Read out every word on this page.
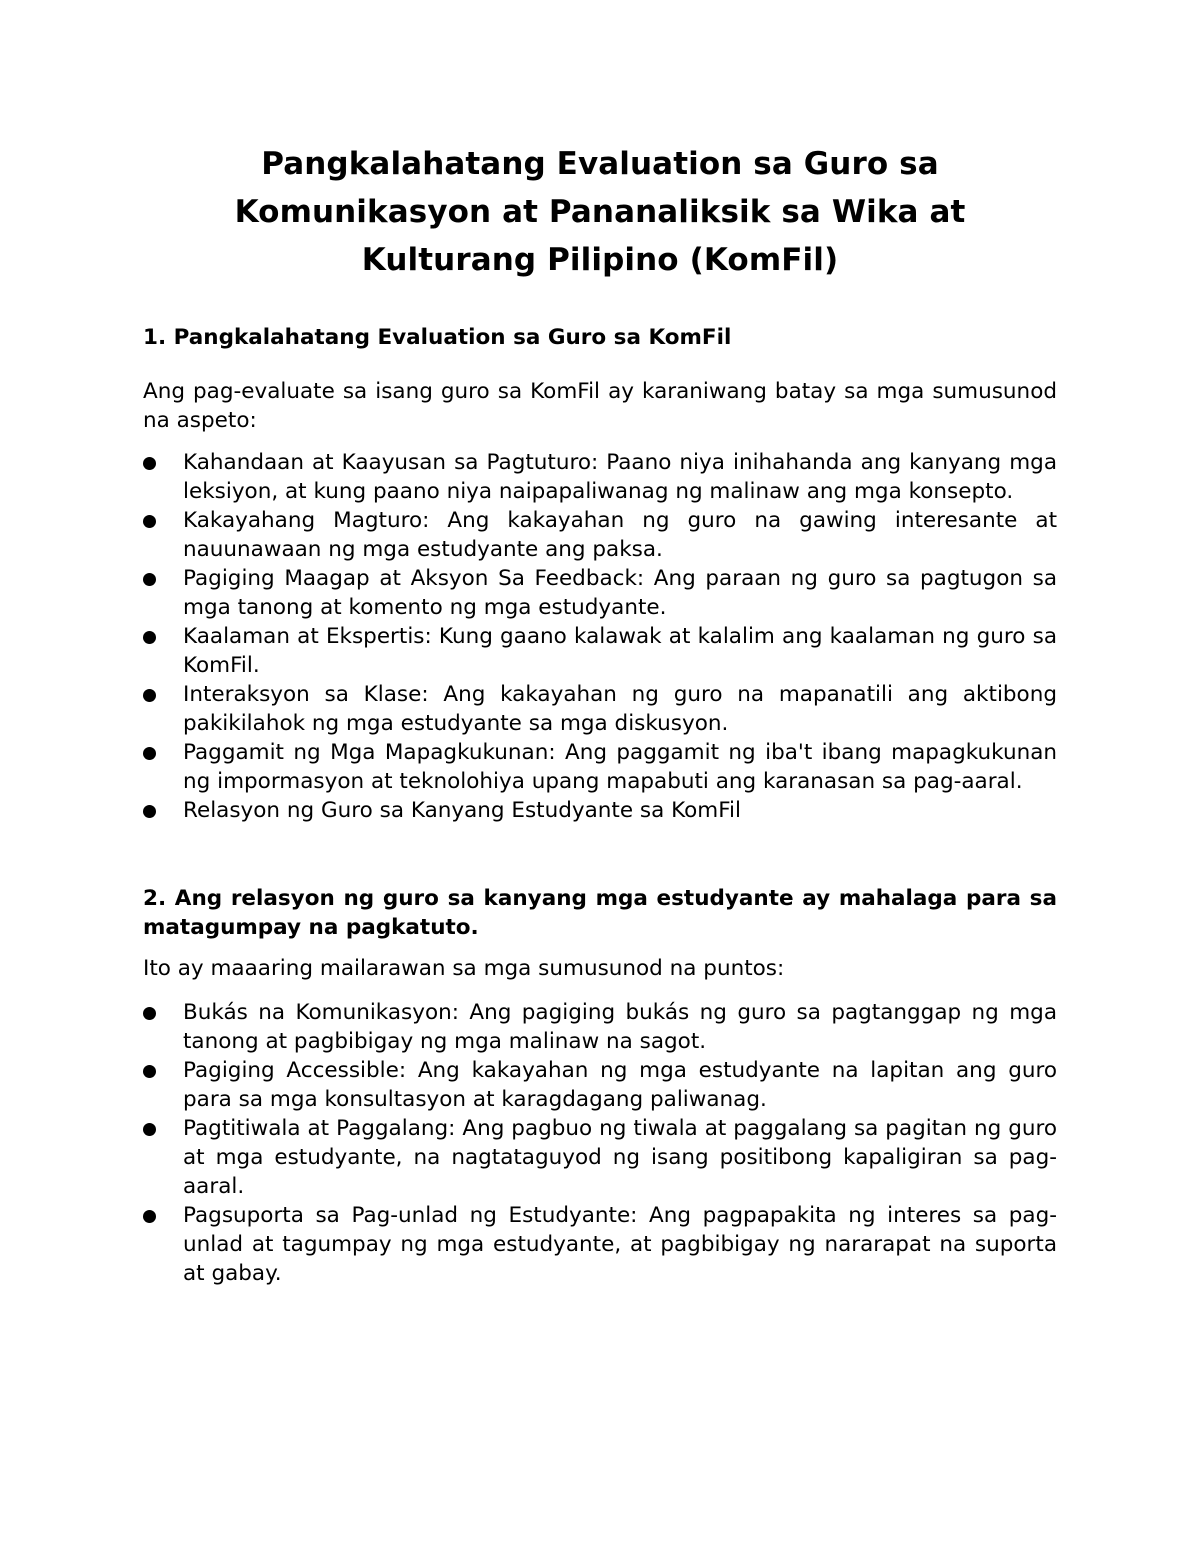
Pangkalahatang Evaluation sa Guro sa Komunikasyon at Pananaliksik sa Wika at Kulturang Pilipino (KomFil)
1. Pangkalahatang Evaluation sa Guro sa KomFil

Ang pag-evaluate sa isang guro sa KomFil ay karaniwang batay sa mga sumusunod na aspeto:

Kahandaan at Kaayusan sa Pagtuturo: Paano niya inihahanda ang kanyang mga leksiyon, at kung paano niya naipapaliwanag ng malinaw ang mga konsepto.
Kakayahang Magturo: Ang kakayahan ng guro na gawing interesante at nauunawaan ng mga estudyante ang paksa.
Pagiging Maagap at Aksyon Sa Feedback: Ang paraan ng guro sa pagtugon sa mga tanong at komento ng mga estudyante.
Kaalaman at Ekspertis: Kung gaano kalawak at kalalim ang kaalaman ng guro sa KomFil.
Interaksyon sa Klase: Ang kakayahan ng guro na mapanatili ang aktibong pakikilahok ng mga estudyante sa mga diskusyon.
Paggamit ng Mga Mapagkukunan: Ang paggamit ng iba't ibang mapagkukunan ng impormasyon at teknolohiya upang mapabuti ang karanasan sa pag-aaral.
Relasyon ng Guro sa Kanyang Estudyante sa KomFil
2. Ang relasyon ng guro sa kanyang mga estudyante ay mahalaga para sa matagumpay na pagkatuto.

Ito ay maaaring mailarawan sa mga sumusunod na puntos:

Bukás na Komunikasyon: Ang pagiging bukás ng guro sa pagtanggap ng mga tanong at pagbibigay ng mga malinaw na sagot.
Pagiging Accessible: Ang kakayahan ng mga estudyante na lapitan ang guro para sa mga konsultasyon at karagdagang paliwanag.
Pagtitiwala at Paggalang: Ang pagbuo ng tiwala at paggalang sa pagitan ng guro at mga estudyante, na nagtataguyod ng isang positibong kapaligiran sa pag-aaral.
Pagsuporta sa Pag-unlad ng Estudyante: Ang pagpapakita ng interes sa pag-unlad at tagumpay ng mga estudyante, at pagbibigay ng nararapat na suporta at gabay.
